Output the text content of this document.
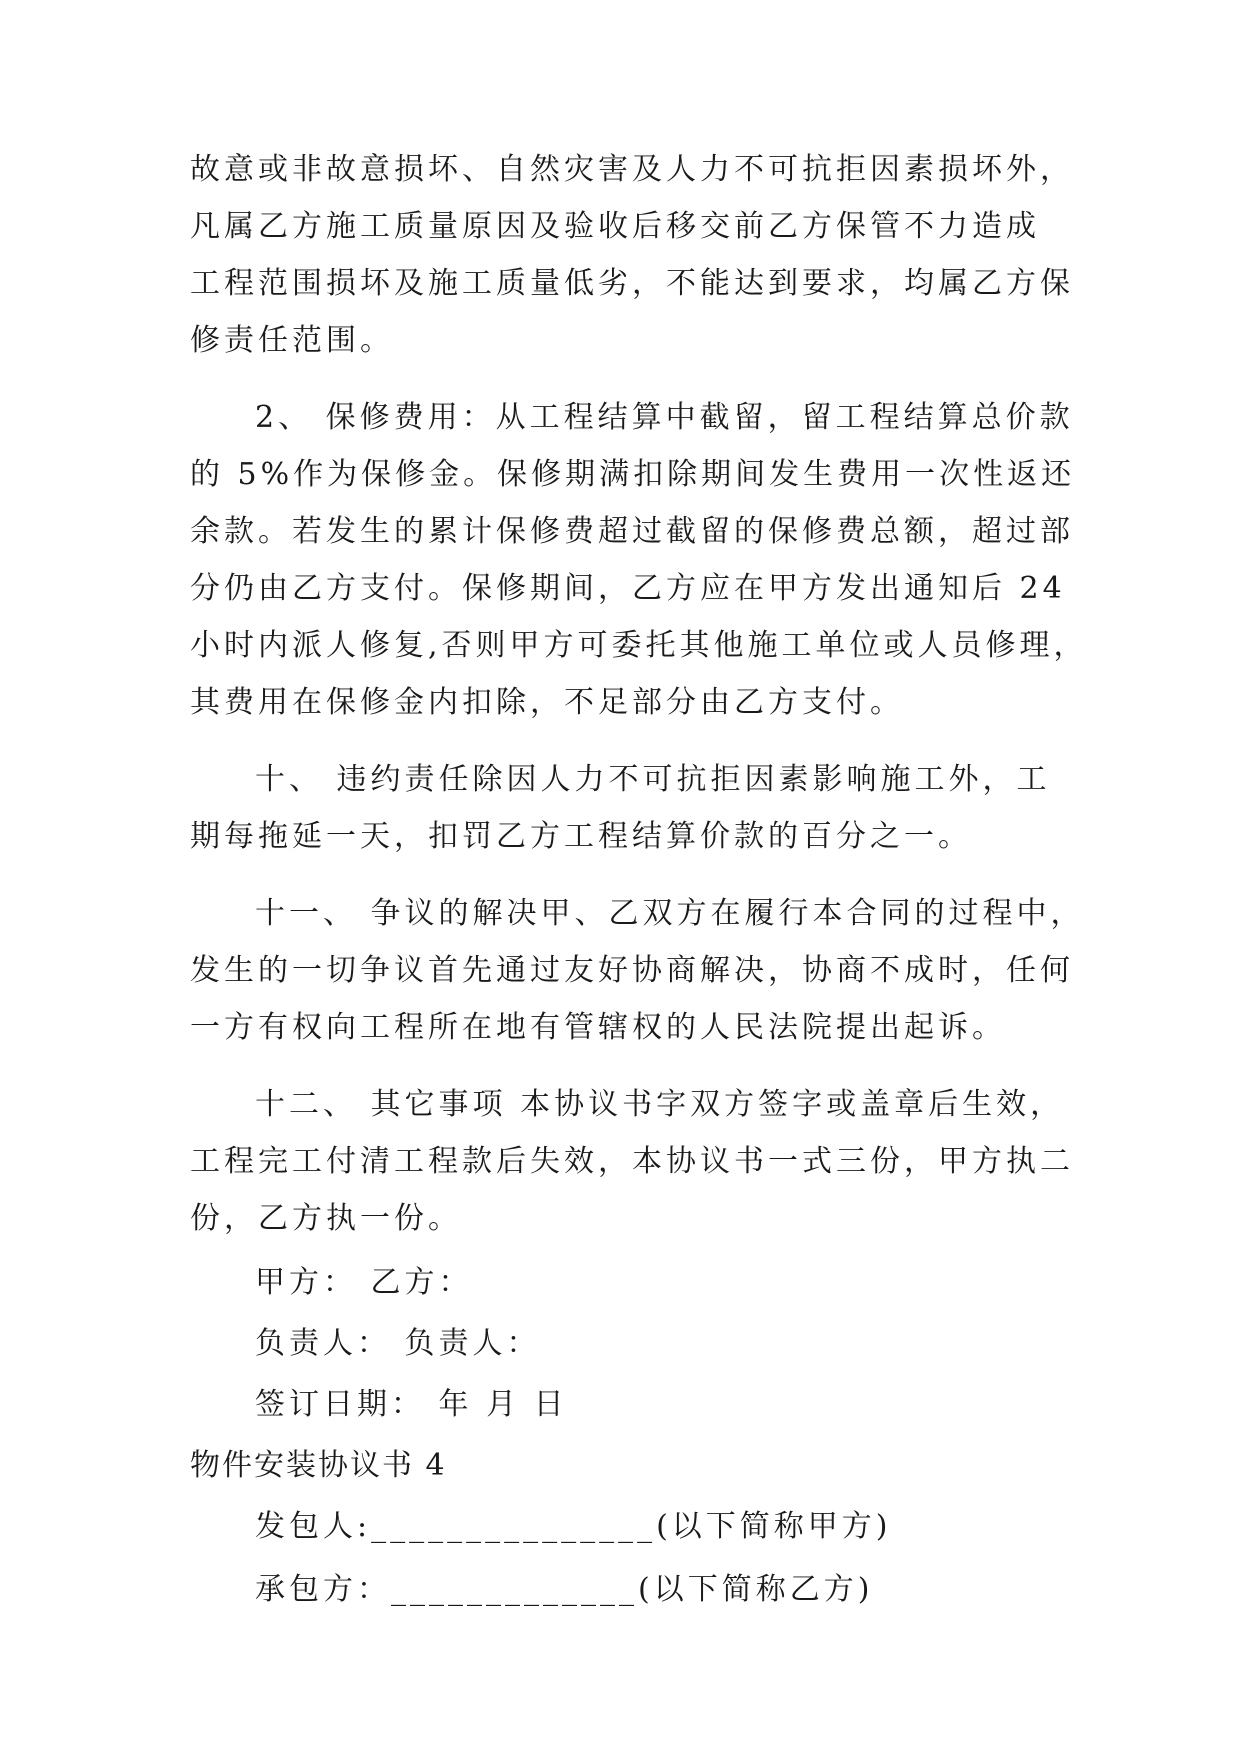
故意或非故意损坏、自然灾害及人力不可抗拒因素损坏外，
凡属乙方施工质量原因及验收后移交前乙方保管不力造成
工程范围损坏及施工质量低劣，不能达到要求，均属乙方保
修责任范围。
2、 保修费用：从工程结算中截留，留工程结算总价款
的 5%作为保修金。保修期满扣除期间发生费用一次性返还
余款。若发生的累计保修费超过截留的保修费总额，超过部
分仍由乙方支付。保修期间，乙方应在甲方发出通知后 24
小时内派人修复,否则甲方可委托其他施工单位或人员修理，
其费用在保修金内扣除，不足部分由乙方支付。
十、 违约责任除因人力不可抗拒因素影响施工外，工
期每拖延一天，扣罚乙方工程结算价款的百分之一。
十一、 争议的解决甲、乙双方在履行本合同的过程中，
发生的一切争议首先通过友好协商解决，协商不成时，任何
一方有权向工程所在地有管辖权的人民法院提出起诉。
十二、 其它事项 本协议书字双方签字或盖章后生效，
工程完工付清工程款后失效，本协议书一式三份，甲方执二
份，乙方执一份。
甲方： 乙方：
负责人： 负责人：
签订日期： 年 月 日
物件安装协议书 4
发包人:_______________(以下简称甲方)
承包方：_____________(以下简称乙方)
